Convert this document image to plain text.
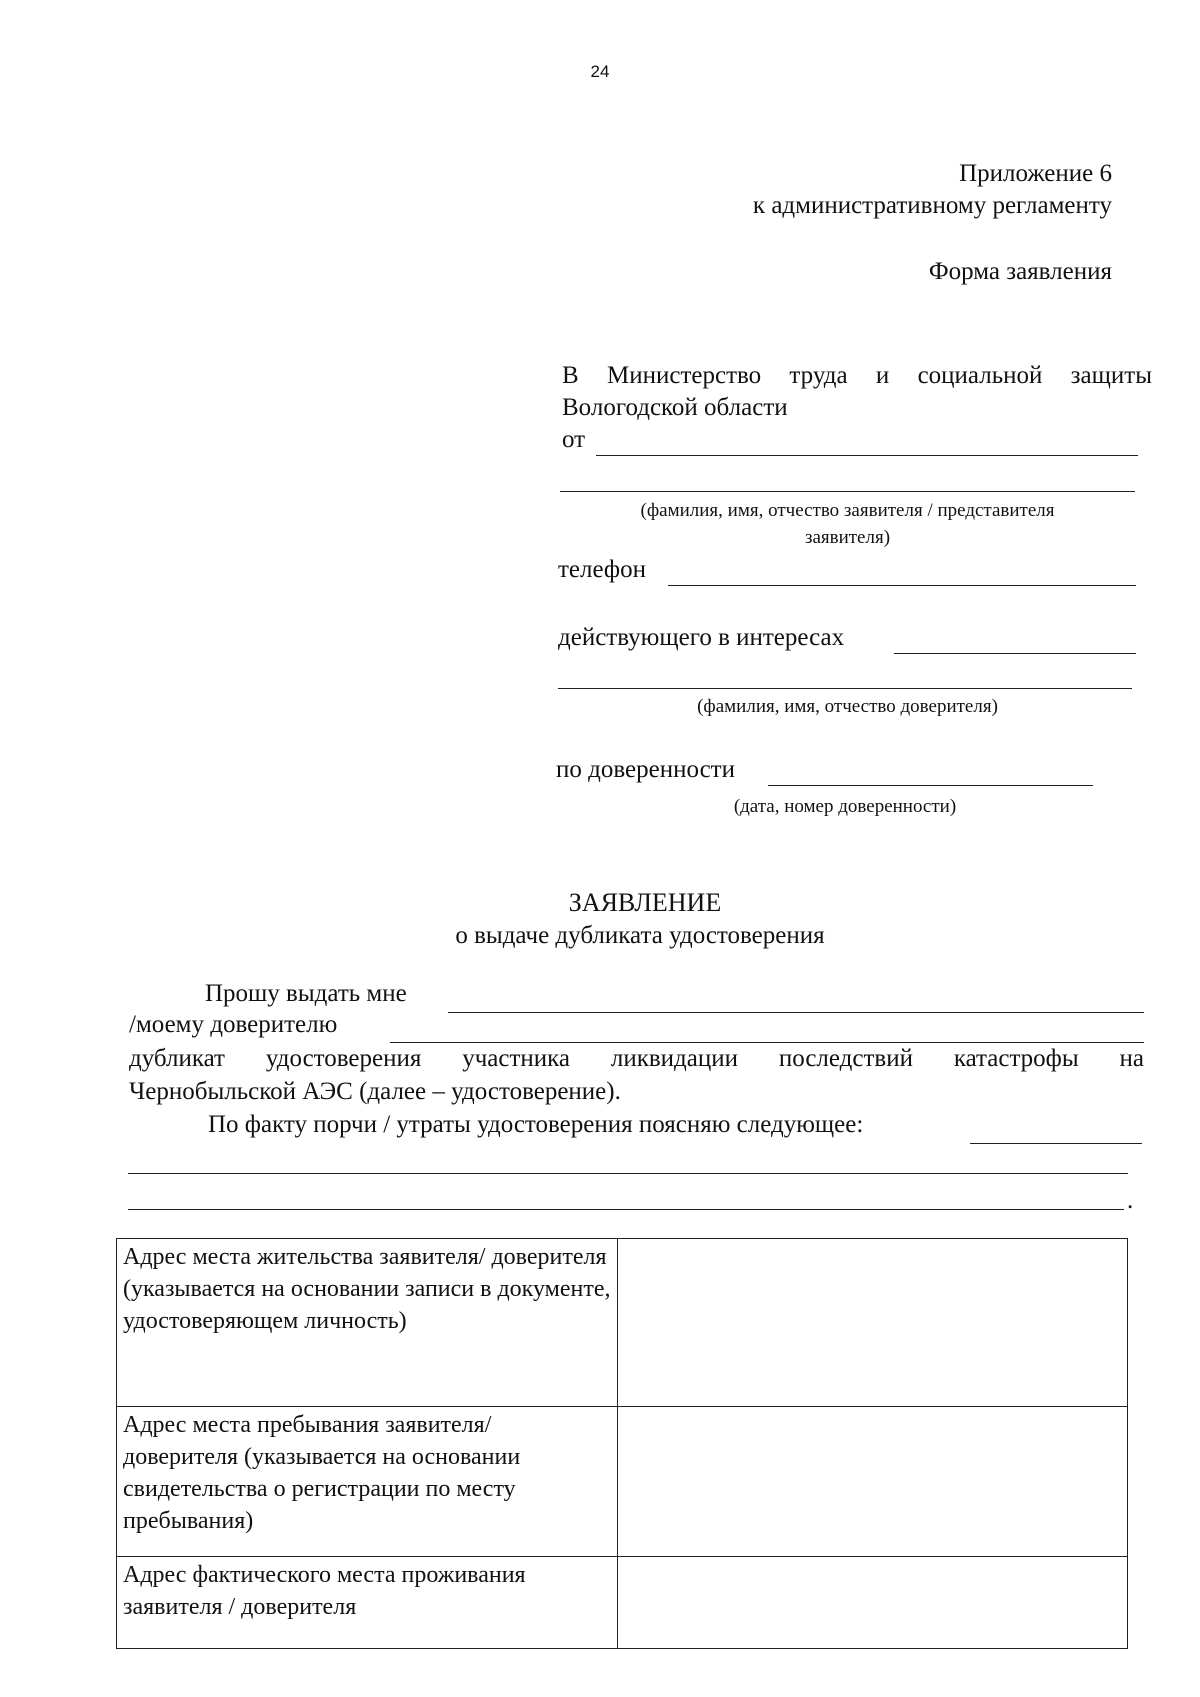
24
Приложение 6
к административному регламенту
Форма заявления
В Министерство труда и социальной защиты
Вологодской области
от
(фамилия, имя, отчество заявителя / представителя
заявителя)
телефон
действующего в интересах
(фамилия, имя, отчество доверителя)
по доверенности
(дата, номер доверенности)
ЗАЯВЛЕНИЕ
о выдаче дубликата удостоверения
Прошу выдать мне
/моему доверителю
дубликат удостоверения участника ликвидации последствий катастрофы на
Чернобыльской АЭС (далее – удостоверение).
По факту порчи / утраты удостоверения поясняю следующее:
.
Адрес места жительства заявителя/ доверителя (указывается на основании записи в документе, удостоверяющем личность)	
Адрес места пребывания заявителя/ доверителя (указывается на основании свидетельства о регистрации по месту пребывания)	
Адрес фактического места проживания заявителя / доверителя	
